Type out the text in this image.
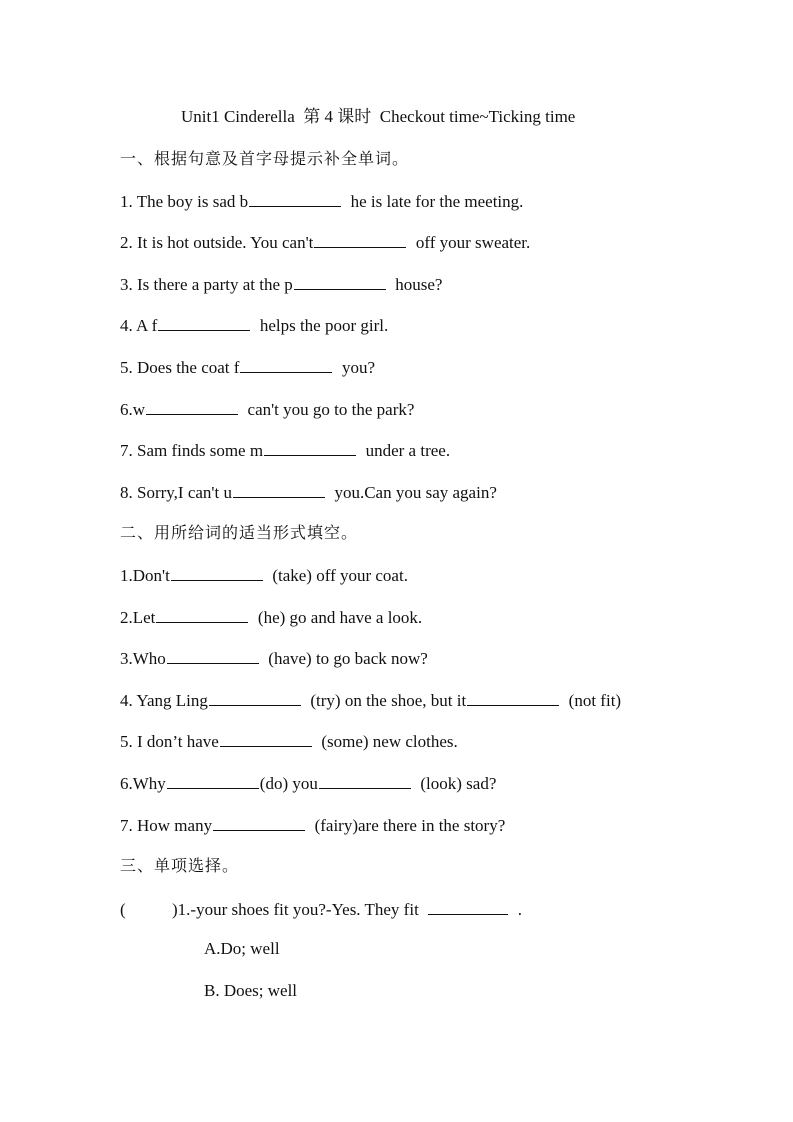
Unit1 Cinderella  第 4 课时  Checkout time~Ticking time
一、根据句意及首字母提示补全单词。
1. The boy is sad b	he is late for the meeting.
2. It is hot outside. You can't	off your sweater.
3. Is there a party at the p	house?
4. A f	helps the poor girl.
5. Does the coat f	you?
6.w	can't you go to the park?
7. Sam finds some m	under a tree.
8. Sorry,I can't u	you.Can you say again?
二、用所给词的适当形式填空。
1.Don't	(take) off your coat.
2.Let	(he) go and have a look.
3.Who	(have) to go back now?
4. Yang Ling	(try) on the shoe, but it	(not fit)
5. I don’t have	(some) new clothes.
6.Why	(do) you	(look) sad?
7. How many	(fairy)are there in the story?
三、单项选择。
(	)1.-your shoes fit you?-Yes. They fit	.
A.Do; well
B. Does; well
